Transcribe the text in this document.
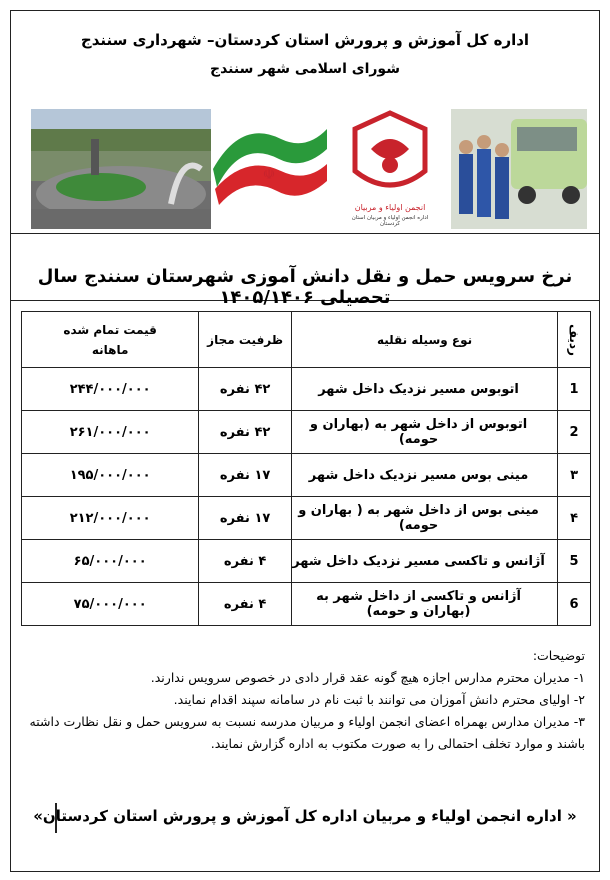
اداره کل آموزش و پرورش استان کردستان– شهرداری سنندج
شورای اسلامی شهر سنندج
☫
انجمن اولیاء و مربیان
اداره انجمن اولیاء و مربیان استان کردستان
نرخ سرویس حمل و نقل دانش آموزی شهرستان سنندج سال تحصیلی ۱۴۰۵/۱۴۰۶
ردیف	نوع وسیله نقلیه	ظرفیت مجاز	قیمت تمام شده
ماهانه

1	اتوبوس مسیر نزدیک داخل شهر	۴۲ نفره	۲۴۴/۰۰۰/۰۰۰
2	اتوبوس از داخل شهر به (بهاران و حومه)	۴۲ نفره	۲۶۱/۰۰۰/۰۰۰
۳	مینی بوس مسیر نزدیک داخل شهر	۱۷ نفره	۱۹۵/۰۰۰/۰۰۰
۴	مینی بوس از داخل شهر به ( بهاران و حومه)	۱۷ نفره	۲۱۲/۰۰۰/۰۰۰
5	آژانس و تاکسی مسیر نزدیک داخل شهر	۴ نفره	۶۵/۰۰۰/۰۰۰
6	آژانس و تاکسی از داخل شهر به (بهاران و حومه)	۴ نفره	۷۵/۰۰۰/۰۰۰
توضیحات:
۱- مدیران محترم مدارس اجازه هیچ گونه عقد قرار دادی در خصوص سرویس ندارند.
۲- اولیای محترم دانش آموزان می توانند با ثبت نام در سامانه سپند اقدام نمایند.
۳- مدیران مدارس بهمراه اعضای انجمن اولیاء و مربیان مدرسه نسبت به سرویس حمل و نقل نظارت داشته باشند و موارد تخلف احتمالی را به صورت مکتوب به اداره گزارش نمایند.
« اداره انجمن اولیاء و مربیان اداره کل آموزش و پرورش استان کردستان»
